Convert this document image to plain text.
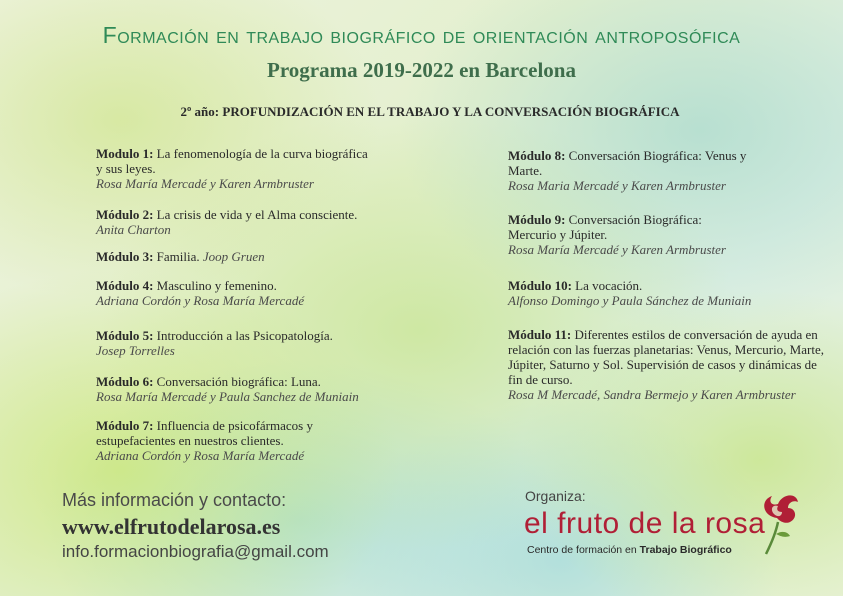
Formación en trabajo biográfico de orientación antroposófica
Programa 2019-2022 en Barcelona
2º año: PROFUNDIZACIÓN EN EL TRABAJO Y LA CONVERSACIÓN BIOGRÁFICA
Modulo 1: La fenomenología de la curva biográfica y sus leyes.
Rosa María Mercadé y Karen Armbruster
Módulo 2: La crisis de vida y el Alma consciente.
Anita Charton
Módulo 3: Familia. Joop Gruen
Módulo 4: Masculino y femenino.
Adriana Cordón y Rosa María Mercadé
Módulo 5: Introducción a las Psicopatología.
Josep Torrelles
Módulo 6: Conversación biográfica: Luna.
Rosa María Mercadé y Paula Sanchez de Muniain
Módulo 7: Influencia de psicofármacos y estupefacientes en nuestros clientes.
Adriana Cordón y Rosa María Mercadé
Módulo 8: Conversación Biográfica: Venus y Marte.
Rosa Maria Mercadé y Karen Armbruster
Módulo 9: Conversación Biográfica: Mercurio y Júpiter.
Rosa María Mercadé y Karen Armbruster
Módulo 10: La vocación.
Alfonso Domingo y Paula Sánchez de Muniain
Módulo 11: Diferentes estilos de conversación de ayuda en relación con las fuerzas planetarias: Venus, Mercurio, Marte, Júpiter, Saturno y Sol. Supervisión de casos y dinámicas de fin de curso.
Rosa M Mercadé, Sandra Bermejo y Karen Armbruster
Más información y contacto:
www.elfrutodelarosa.es
info.formacionbiografia@gmail.com
Organiza:
el fruto de la rosa
Centro de formación en Trabajo Biográfico
